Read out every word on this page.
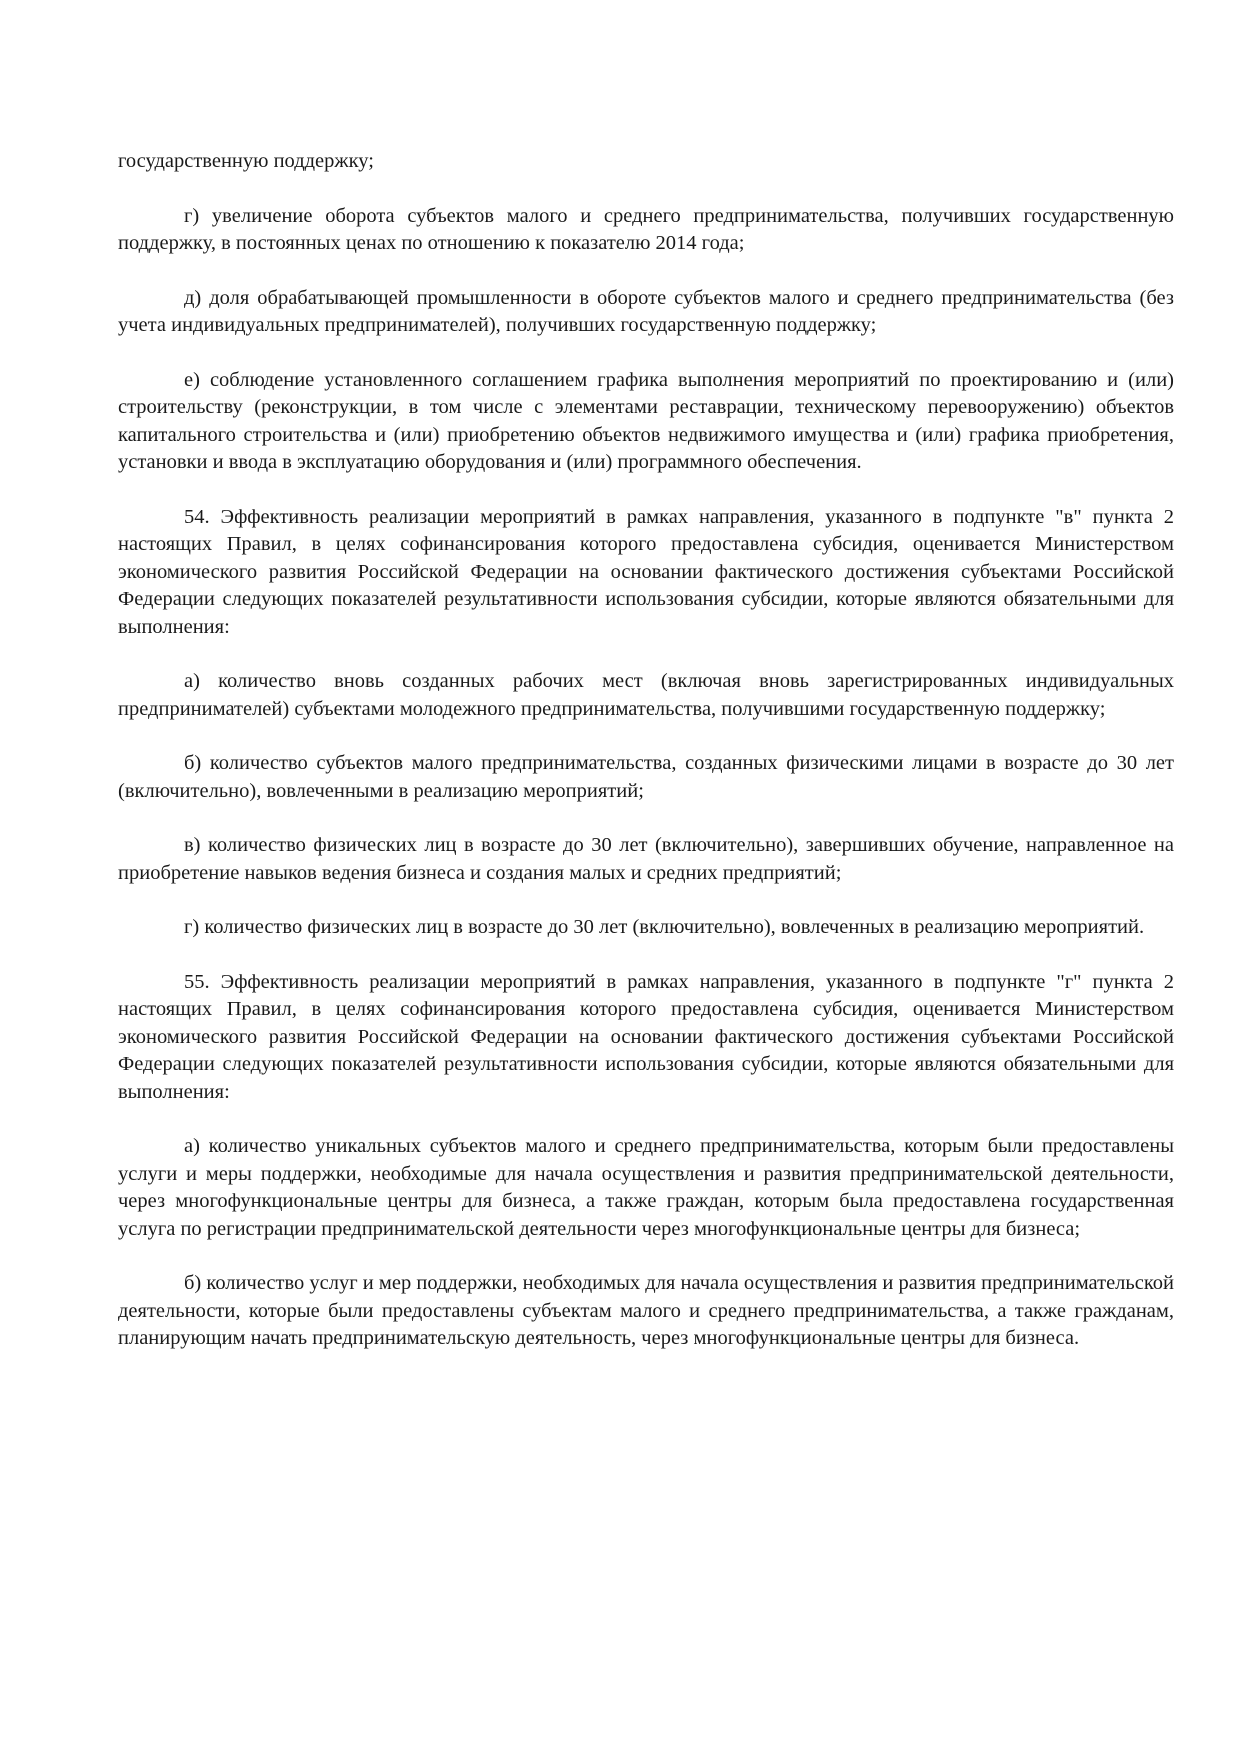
государственную поддержку;

г) увеличение оборота субъектов малого и среднего предпринимательства, получивших государственную поддержку, в постоянных ценах по отношению к показателю 2014 года;

д) доля обрабатывающей промышленности в обороте субъектов малого и среднего предпринимательства (без учета индивидуальных предпринимателей), получивших государственную поддержку;

е) соблюдение установленного соглашением графика выполнения мероприятий по проектированию и (или) строительству (реконструкции, в том числе с элементами реставрации, техническому перевооружению) объектов капитального строительства и (или) приобретению объектов недвижимого имущества и (или) графика приобретения, установки и ввода в эксплуатацию оборудования и (или) программного обеспечения.

54. Эффективность реализации мероприятий в рамках направления, указанного в подпункте "в" пункта 2 настоящих Правил, в целях софинансирования которого предоставлена субсидия, оценивается Министерством экономического развития Российской Федерации на основании фактического достижения субъектами Российской Федерации следующих показателей результативности использования субсидии, которые являются обязательными для выполнения:

а) количество вновь созданных рабочих мест (включая вновь зарегистрированных индивидуальных предпринимателей) субъектами молодежного предпринимательства, получившими государственную поддержку;

б) количество субъектов малого предпринимательства, созданных физическими лицами в возрасте до 30 лет (включительно), вовлеченными в реализацию мероприятий;

в) количество физических лиц в возрасте до 30 лет (включительно), завершивших обучение, направленное на приобретение навыков ведения бизнеса и создания малых и средних предприятий;

г) количество физических лиц в возрасте до 30 лет (включительно), вовлеченных в реализацию мероприятий.

55. Эффективность реализации мероприятий в рамках направления, указанного в подпункте "г" пункта 2 настоящих Правил, в целях софинансирования которого предоставлена субсидия, оценивается Министерством экономического развития Российской Федерации на основании фактического достижения субъектами Российской Федерации следующих показателей результативности использования субсидии, которые являются обязательными для выполнения:

а) количество уникальных субъектов малого и среднего предпринимательства, которым были предоставлены услуги и меры поддержки, необходимые для начала осуществления и развития предпринимательской деятельности, через многофункциональные центры для бизнеса, а также граждан, которым была предоставлена государственная услуга по регистрации предпринимательской деятельности через многофункциональные центры для бизнеса;

б) количество услуг и мер поддержки, необходимых для начала осуществления и развития предпринимательской деятельности, которые были предоставлены субъектам малого и среднего предпринимательства, а также гражданам, планирующим начать предпринимательскую деятельность, через многофункциональные центры для бизнеса.
